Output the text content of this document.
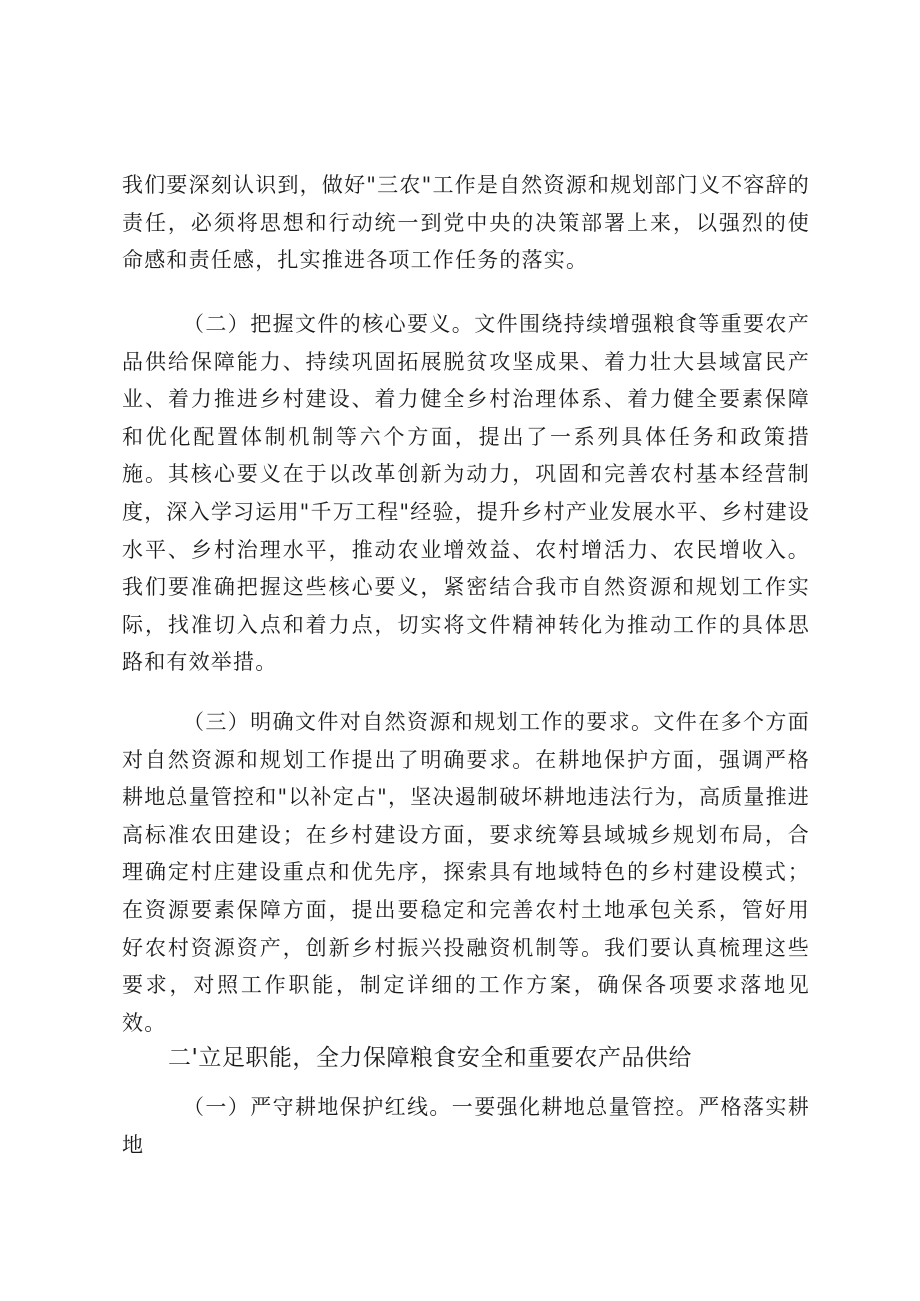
我们要深刻认识到，做好"三农"工作是自然资源和规划部门义不容辞的责任，必须将思想和行动统一到党中央的决策部署上来，以强烈的使命感和责任感，扎实推进各项工作任务的落实。

（二）把握文件的核心要义。文件围绕持续增强粮食等重要农产品供给保障能力、持续巩固拓展脱贫攻坚成果、着力壮大县域富民产业、着力推进乡村建设、着力健全乡村治理体系、着力健全要素保障和优化配置体制机制等六个方面，提出了一系列具体任务和政策措施。其核心要义在于以改革创新为动力，巩固和完善农村基本经营制度，深入学习运用"千万工程"经验，提升乡村产业发展水平、乡村建设水平、乡村治理水平，推动农业增效益、农村增活力、农民增收入。我们要准确把握这些核心要义，紧密结合我市自然资源和规划工作实际，找准切入点和着力点，切实将文件精神转化为推动工作的具体思路和有效举措。

（三）明确文件对自然资源和规划工作的要求。文件在多个方面对自然资源和规划工作提出了明确要求。在耕地保护方面，强调严格耕地总量管控和"以补定占"，坚决遏制破坏耕地违法行为，高质量推进高标准农田建设；在乡村建设方面，要求统筹县域城乡规划布局，合理确定村庄建设重点和优先序，探索具有地域特色的乡村建设模式；在资源要素保障方面，提出要稳定和完善农村土地承包关系，管好用好农村资源资产，创新乡村振兴投融资机制等。我们要认真梳理这些要求，对照工作职能，制定详细的工作方案，确保各项要求落地见效。

二'立足职能，全力保障粮食安全和重要农产品供给

（一）严守耕地保护红线。一要强化耕地总量管控。严格落实耕地
